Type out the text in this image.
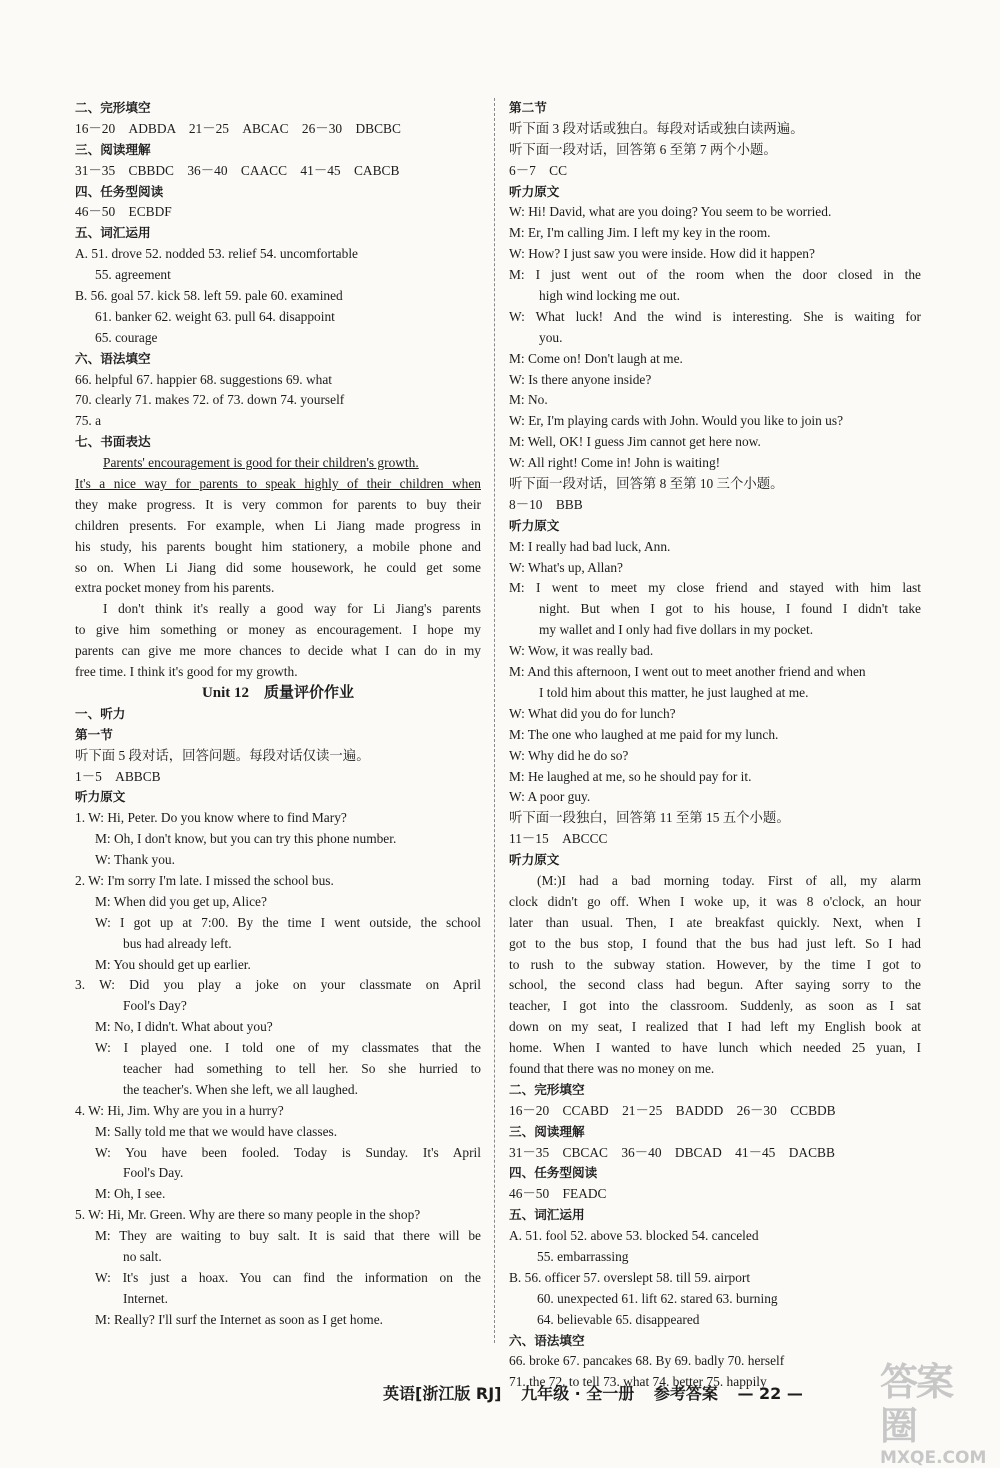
二、完形填空
16－20　ADBDA　21－25　ABCAC　26－30　DBCBC
三、阅读理解
31－35　CBBDC　36－40　CAACC　41－45　CABCB
四、任务型阅读
46－50　ECBDF
五、词汇运用
A. 51. drove 52. nodded 53. relief 54. uncomfortable
55. agreement
B. 56. goal 57. kick 58. left 59. pale 60. examined
61. banker 62. weight 63. pull 64. disappoint
65. courage
六、语法填空
66. helpful 67. happier 68. suggestions 69. what
70. clearly 71. makes 72. of 73. down 74. yourself
75. a
七、书面表达
Parents' encouragement is good for their children's growth.
It's a nice way for parents to speak highly of their children when
they make progress. It is very common for parents to buy their
children presents. For example, when Li Jiang made progress in
his study, his parents bought him stationery, a mobile phone and
so on. When Li Jiang did some housework, he could get some
extra pocket money from his parents.
I don't think it's really a good way for Li Jiang's parents
to give him something or money as encouragement. I hope my
parents can give me more chances to decide what I can do in my
free time. I think it's good for my growth.
Unit 12　质量评价作业
一、听力
第一节
听下面 5 段对话，回答问题。每段对话仅读一遍。
1－5　ABBCB
听力原文
1. W: Hi, Peter. Do you know where to find Mary?
M: Oh, I don't know, but you can try this phone number.
W: Thank you.
2. W: I'm sorry I'm late. I missed the school bus.
M: When did you get up, Alice?
W: I got up at 7:00. By the time I went outside, the school
bus had already left.
M: You should get up earlier.
3. W: Did you play a joke on your classmate on April
Fool's Day?
M: No, I didn't. What about you?
W: I played one. I told one of my classmates that the
teacher had something to tell her. So she hurried to
the teacher's. When she left, we all laughed.
4. W: Hi, Jim. Why are you in a hurry?
M: Sally told me that we would have classes.
W: You have been fooled. Today is Sunday. It's April
Fool's Day.
M: Oh, I see.
5. W: Hi, Mr. Green. Why are there so many people in the shop?
M: They are waiting to buy salt. It is said that there will be
no salt.
W: It's just a hoax. You can find the information on the
Internet.
M: Really? I'll surf the Internet as soon as I get home.
第二节
听下面 3 段对话或独白。每段对话或独白读两遍。
听下面一段对话，回答第 6 至第 7 两个小题。
6－7　CC
听力原文
W: Hi! David, what are you doing? You seem to be worried.
M: Er, I'm calling Jim. I left my key in the room.
W: How? I just saw you were inside. How did it happen?
M: I just went out of the room when the door closed in the
high wind locking me out.
W: What luck! And the wind is interesting. She is waiting for
you.
M: Come on! Don't laugh at me.
W: Is there anyone inside?
M: No.
W: Er, I'm playing cards with John. Would you like to join us?
M: Well, OK! I guess Jim cannot get here now.
W: All right! Come in! John is waiting!
听下面一段对话，回答第 8 至第 10 三个小题。
8－10　BBB
听力原文
M: I really had bad luck, Ann.
W: What's up, Allan?
M: I went to meet my close friend and stayed with him last
night. But when I got to his house, I found I didn't take
my wallet and I only had five dollars in my pocket.
W: Wow, it was really bad.
M: And this afternoon, I went out to meet another friend and when
I told him about this matter, he just laughed at me.
W: What did you do for lunch?
M: The one who laughed at me paid for my lunch.
W: Why did he do so?
M: He laughed at me, so he should pay for it.
W: A poor guy.
听下面一段独白，回答第 11 至第 15 五个小题。
11－15　ABCCC
听力原文
(M:)I had a bad morning today. First of all, my alarm
clock didn't go off. When I woke up, it was 8 o'clock, an hour
later than usual. Then, I ate breakfast quickly. Next, when I
got to the bus stop, I found that the bus had just left. So I had
to rush to the subway station. However, by the time I got to
school, the second class had begun. After saying sorry to the
teacher, I got into the classroom. Suddenly, as soon as I sat
down on my seat, I realized that I had left my English book at
home. When I wanted to have lunch which needed 25 yuan, I
found that there was no money on me.
二、完形填空
16－20　CCABD　21－25　BADDD　26－30　CCBDB
三、阅读理解
31－35　CBCAC　36－40　DBCAD　41－45　DACBB
四、任务型阅读
46－50　FEADC
五、词汇运用
A. 51. fool 52. above 53. blocked 54. canceled
55. embarrassing
B. 56. officer 57. overslept 58. till 59. airport
60. unexpected 61. lift 62. stared 63. burning
64. believable 65. disappeared
六、语法填空
66. broke 67. pancakes 68. By 69. badly 70. herself
71. the 72. to tell 73. what 74. better 75. happily
英语[浙江版 RJ] 九年级 · 全一册 参考答案 — 22 —	答案圈
MXQE.COM
